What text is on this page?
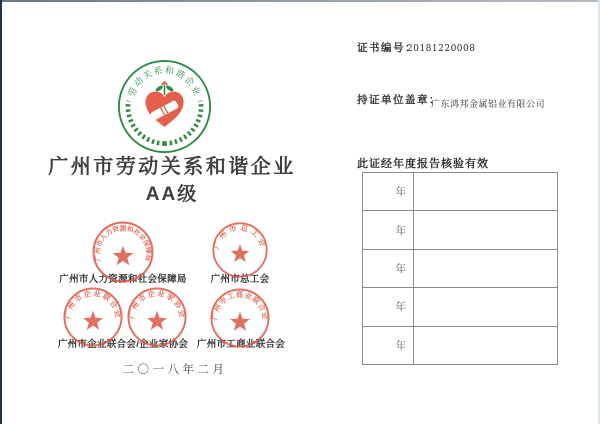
劳动关系和谐企业
广州市劳动关系和谐企业
AA级
广州市人力资源和社会保障局
广州市总工会
广州市人力资源和社会保障局	广州市总工会
广州市企业联合会 广州市企业家协会 广州市工商业联合会
广州市企业联合会/企业家协会 广州市工商业联合会
二〇一八年二月
证书编号：
20181220008
持证单位盖章：
广东鸿邦金属铝业有限公司
此证经年度报告核验有效
年
年
年
年
年
